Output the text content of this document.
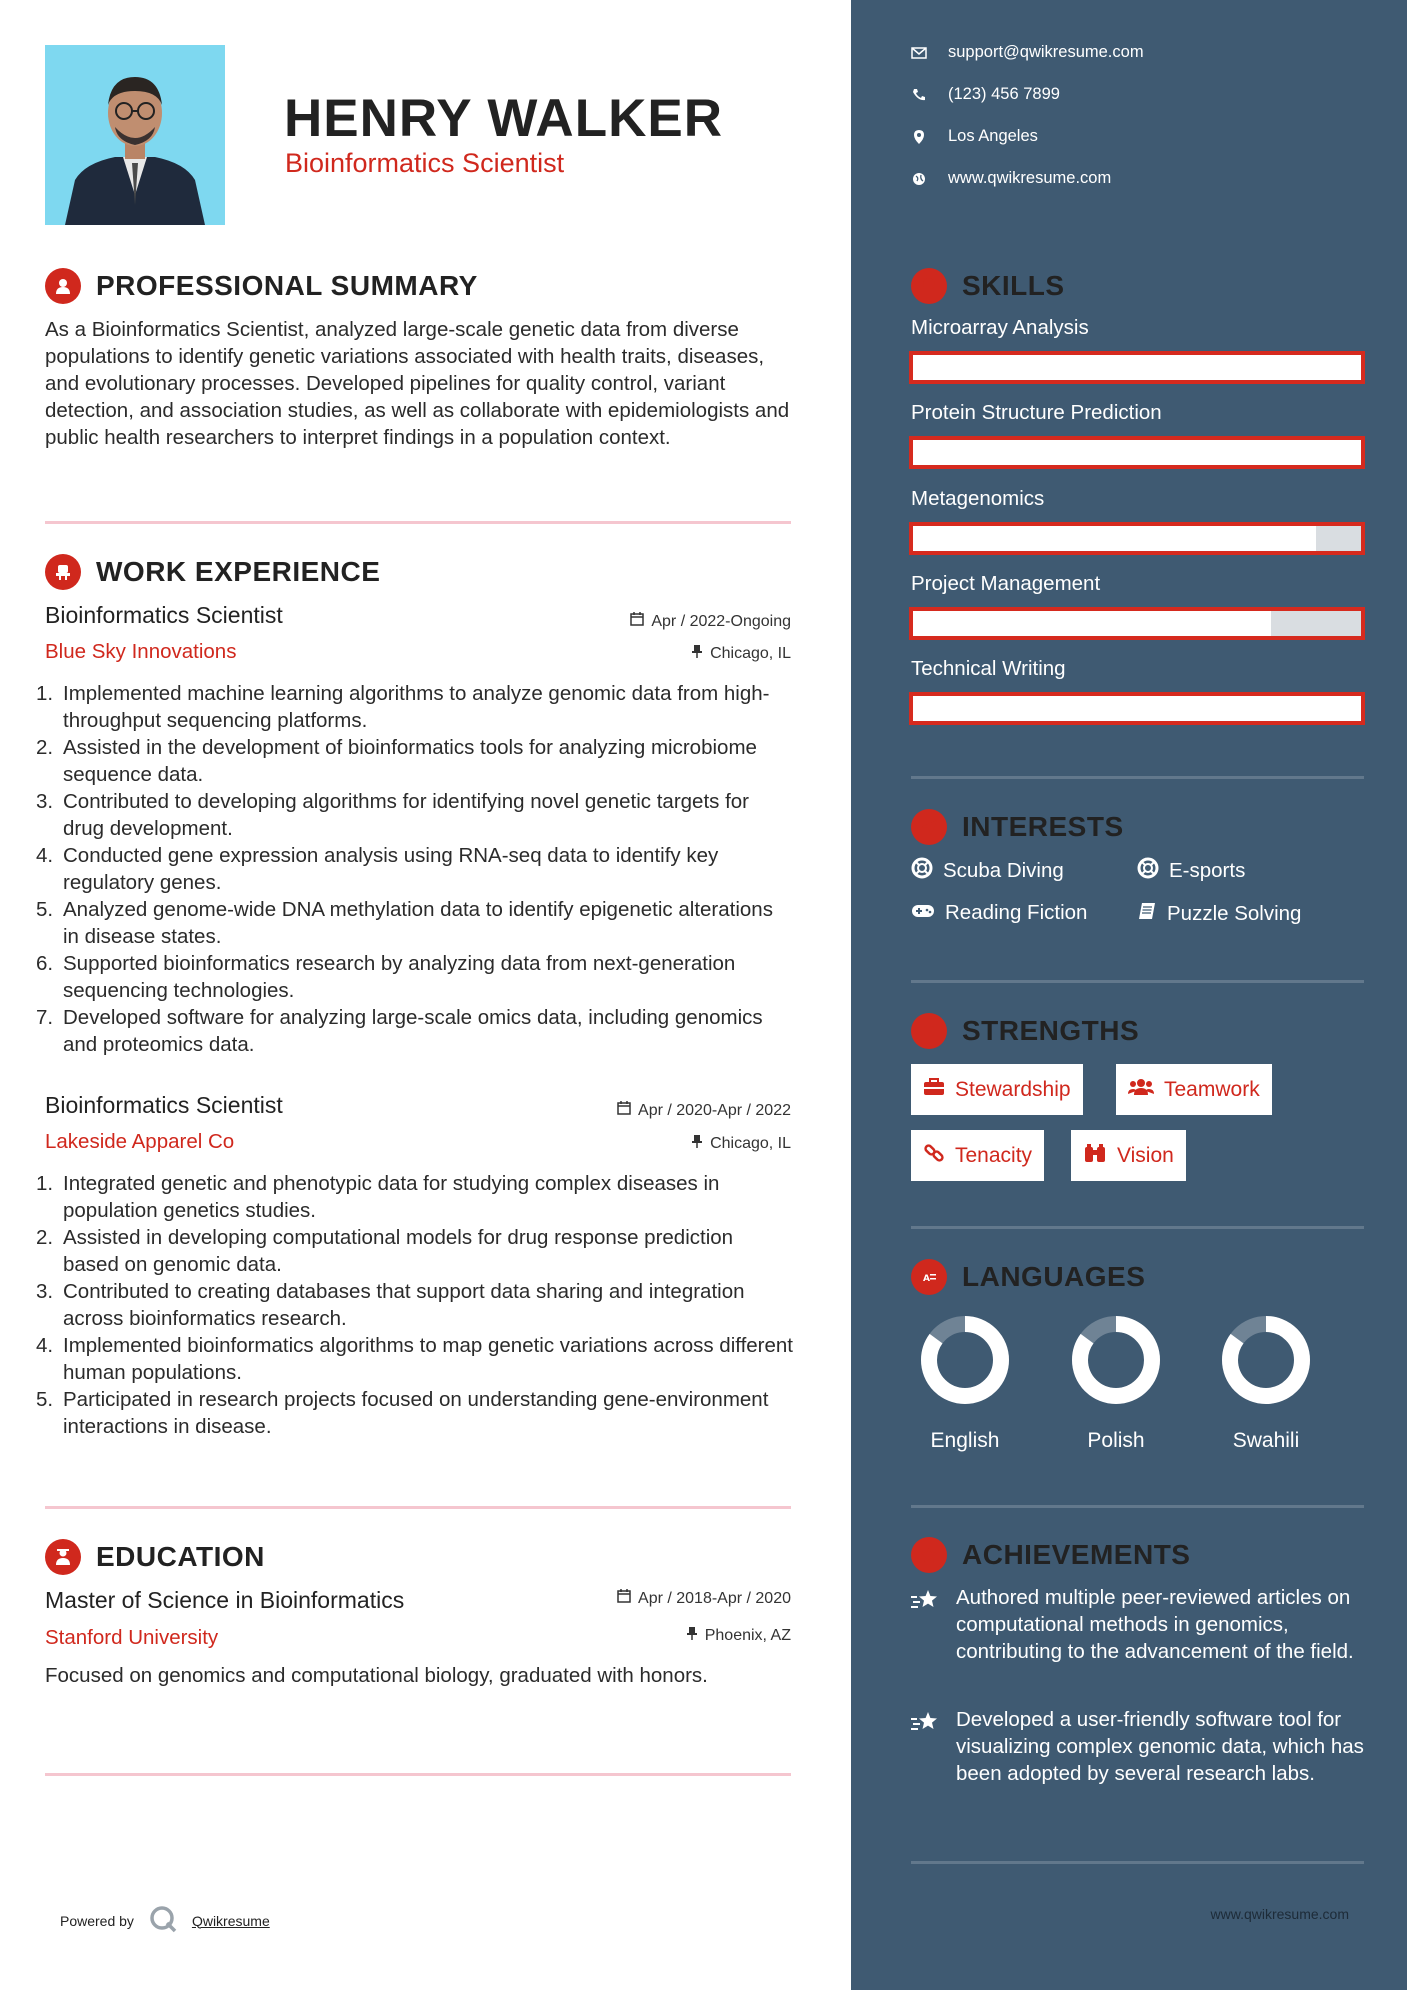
HENRY WALKER
Bioinformatics Scientist
PROFESSIONAL SUMMARY
As a Bioinformatics Scientist, analyzed large-scale genetic data from diverse populations to identify genetic variations associated with health traits, diseases, and evolutionary processes. Developed pipelines for quality control, variant detection, and association studies, as well as collaborate with epidemiologists and public health researchers to interpret findings in a population context.
WORK EXPERIENCE
Bioinformatics Scientist	Apr / 2022-Ongoing
Blue Sky Innovations	Chicago, IL
Implemented machine learning algorithms to analyze genomic data from high-throughput sequencing platforms.
Assisted in the development of bioinformatics tools for analyzing microbiome sequence data.
Contributed to developing algorithms for identifying novel genetic targets for drug development.
Conducted gene expression analysis using RNA-seq data to identify key regulatory genes.
Analyzed genome-wide DNA methylation data to identify epigenetic alterations in disease states.
Supported bioinformatics research by analyzing data from next-generation sequencing technologies.
Developed software for analyzing large-scale omics data, including genomics and proteomics data.
Bioinformatics Scientist	Apr / 2020-Apr / 2022
Lakeside Apparel Co	Chicago, IL
Integrated genetic and phenotypic data for studying complex diseases in population genetics studies.
Assisted in developing computational models for drug response prediction based on genomic data.
Contributed to creating databases that support data sharing and integration across bioinformatics research.
Implemented bioinformatics algorithms to map genetic variations across different human populations.
Participated in research projects focused on understanding gene-environment interactions in disease.
EDUCATION
Master of Science in Bioinformatics	Apr / 2018-Apr / 2020
Stanford University	Phoenix, AZ
Focused on genomics and computational biology, graduated with honors.
Powered by	Qwikresume
support@qwikresume.com
(123) 456 7899
Los Angeles
www.qwikresume.com
SKILLS
Microarray Analysis
Protein Structure Prediction
Metagenomics
Project Management
Technical Writing
INTERESTS
Scuba Diving	E-sports
Reading Fiction	Puzzle Solving
STRENGTHS
Stewardship	Teamwork
Tenacity	Vision
A LANGUAGES
English	Polish	Swahili
ACHIEVEMENTS
Authored multiple peer-reviewed articles on computational methods in genomics, contributing to the advancement of the field.
Developed a user-friendly software tool for visualizing complex genomic data, which has been adopted by several research labs.
www.qwikresume.com
